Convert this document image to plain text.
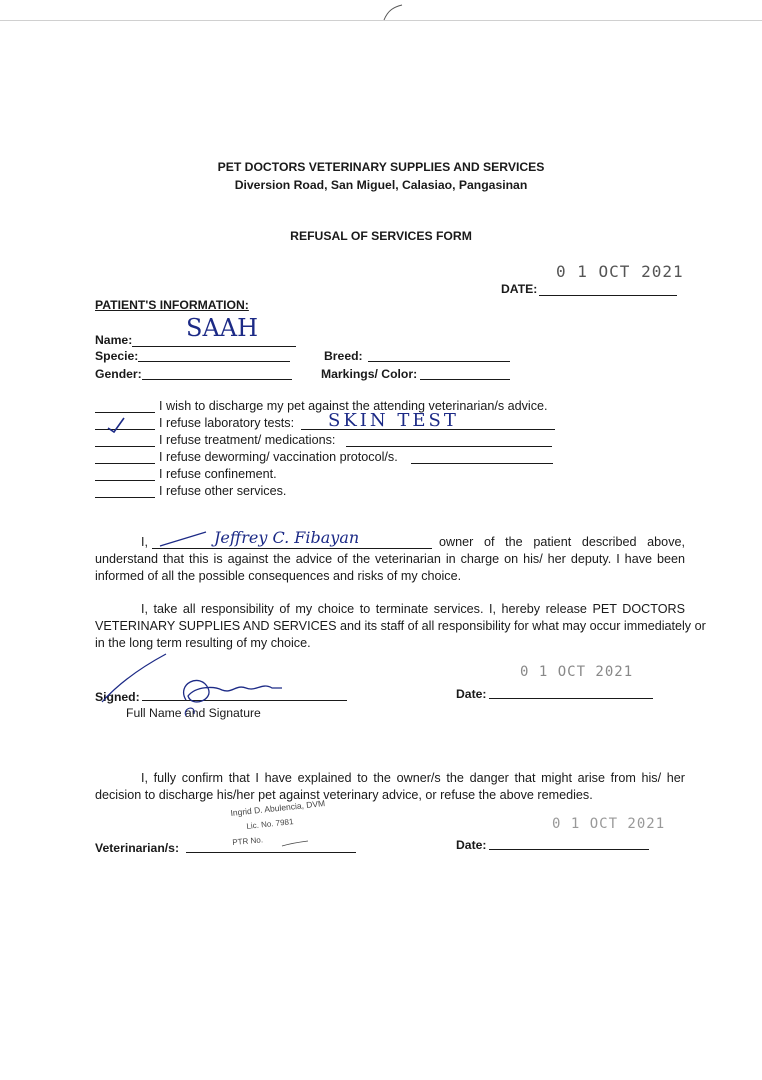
PET DOCTORS VETERINARY SUPPLIES AND SERVICES
Diversion Road, San Miguel, Calasiao, Pangasinan
REFUSAL OF SERVICES FORM
DATE:
0 1 OCT 2021
PATIENT'S INFORMATION:
Name: SAAH
Specie:	Breed:
Gender:	Markings/ Color:
I wish to discharge my pet against the attending veterinarian/s advice.
I refuse laboratory tests: SKIN TEST
I refuse treatment/ medications:
I refuse deworming/ vaccination protocol/s.
I refuse confinement.
I refuse other services.
I,	Jeffrey C. Fibayan	owner of the patient described above,
understand that this is against the advice of the veterinarian in charge on his/ her deputy. I have been
informed of all the possible consequences and risks of my choice.
I, take all responsibility of my choice to terminate services. I, hereby release PET DOCTORS
VETERINARY SUPPLIES AND SERVICES and its staff of all responsibility for what may occur immediately or
in the long term resulting of my choice.
Signed:
Full Name and Signature
Date:
0 1 OCT 2021
I, fully confirm that I have explained to the owner/s the danger that might arise from his/ her
decision to discharge his/her pet against veterinary advice, or refuse the above remedies.
Veterinarian/s:
Ingrid D. Abulencia, DVM
Lic. No. 7981
PTR No.	Date:
0 1 OCT 2021
